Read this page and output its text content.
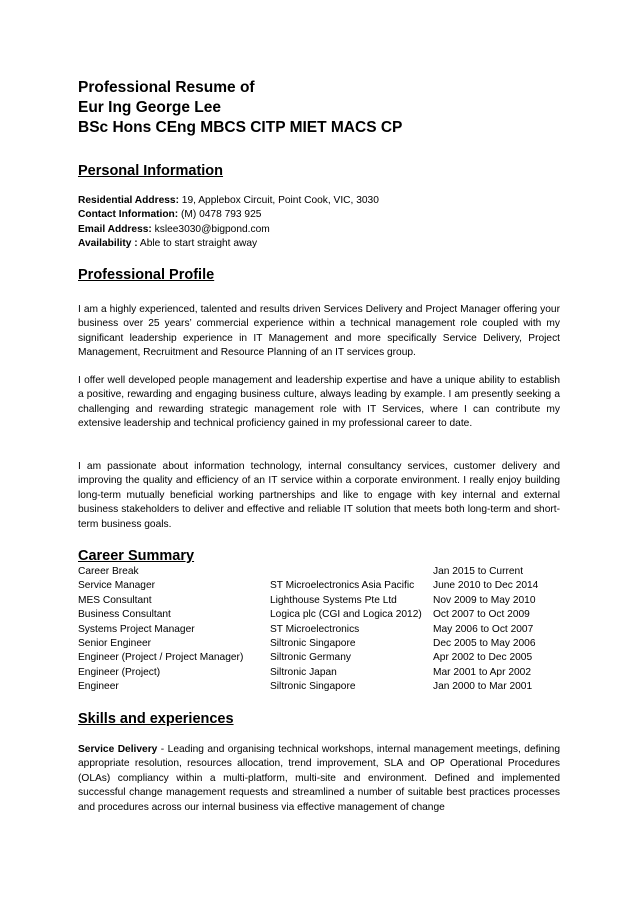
Professional Resume of

Eur Ing George Lee

BSc Hons CEng MBCS CITP MIET MACS CP

Personal Information

Residential Address: 19, Applebox Circuit, Point Cook, VIC, 3030

Contact Information: (M) 0478 793 925

Email Address: kslee3030@bigpond.com

Availability : Able to start straight away

Professional Profile

I am a highly experienced, talented and results driven Services Delivery and Project Manager offering your business over 25 years’ commercial experience within a technical management role coupled with my significant leadership experience in IT Management and more specifically Service Delivery, Project Management, Recruitment and Resource Planning of an IT services group.

I offer well developed people management and leadership expertise and have a unique ability to establish a positive, rewarding and engaging business culture, always leading by example. I am presently seeking a challenging and rewarding strategic management role with IT Services, where I can contribute my extensive leadership and technical proficiency gained in my professional career to date.

I am passionate about information technology, internal consultancy services, customer delivery and improving the quality and efficiency of an IT service within a corporate environment. I really enjoy building long-term mutually beneficial working partnerships and like to engage with key internal and external business stakeholders to deliver and effective and reliable IT solution that meets both long-term and short-term business goals.

Career Summary

Career Break		Jan 2015 to Current
Service Manager	ST Microelectronics Asia Pacific	June 2010 to Dec 2014
MES Consultant	Lighthouse Systems Pte Ltd	Nov 2009 to May 2010
Business Consultant	Logica plc (CGI and Logica 2012)	Oct 2007 to Oct 2009
Systems Project Manager	ST Microelectronics	May 2006 to Oct 2007
Senior Engineer	Siltronic Singapore	Dec 2005 to May 2006
Engineer (Project / Project Manager)	Siltronic Germany	Apr 2002 to Dec 2005
Engineer (Project)	Siltronic Japan	Mar 2001 to Apr 2002
Engineer	Siltronic Singapore	Jan 2000 to Mar 2001

Skills and experiences

Service Delivery - Leading and organising technical workshops, internal management meetings, defining appropriate resolution, resources allocation, trend improvement, SLA and OP Operational Procedures (OLAs) compliancy within a multi-platform, multi-site and environment. Defined and implemented successful change management requests and streamlined a number of suitable best practices processes and procedures across our internal business via effective management of change
